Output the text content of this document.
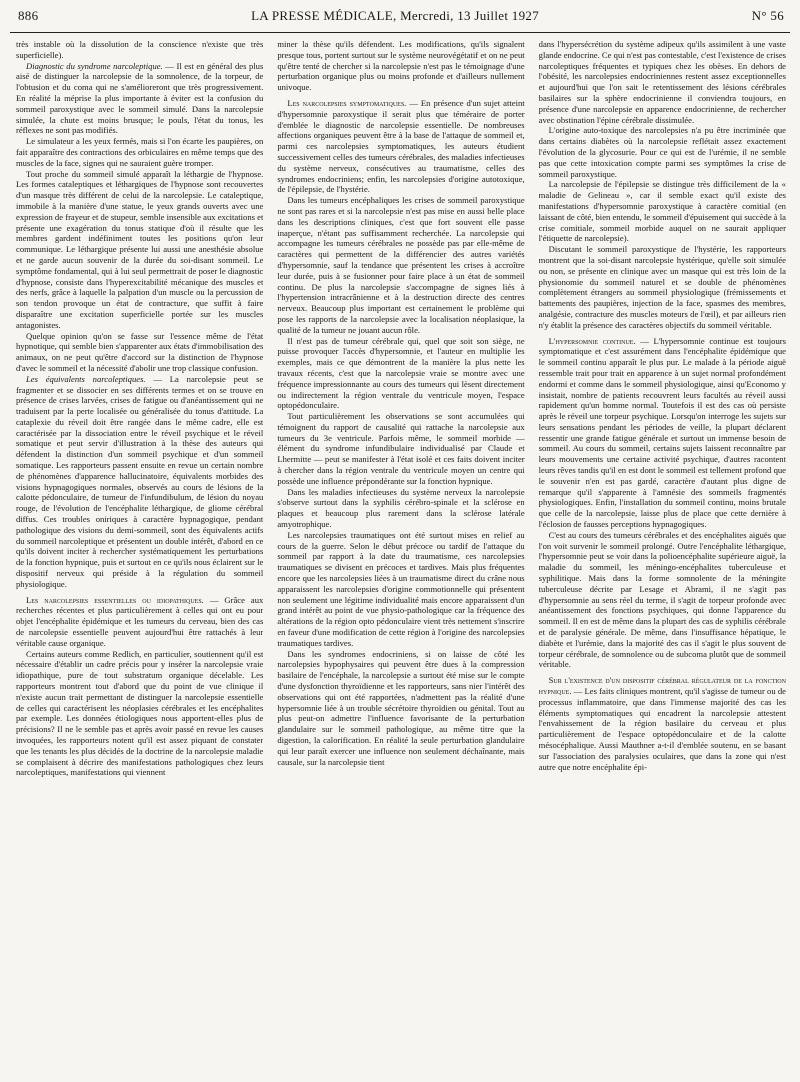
886	LA PRESSE MÉDICALE, Mercredi, 13 Juillet 1927	N° 56

très instable où la dissolution de la conscience n'existe que très superficielle).

Diagnostic du syndrome narcoleptique. — Il est en général des plus aisé de distinguer la narcolepsie de la somnolence, de la torpeur, de l'obtusion et du coma qui ne s'amélioreront que très progressivement. En réalité la méprise la plus importante à éviter est la confusion du sommeil paroxystique avec le sommeil simulé. Dans la narcolepsie simulée, la chute est moins brusque; le pouls, l'état du tonus, les réflexes ne sont pas modifiés.

Le simulateur a les yeux fermés, mais si l'on écarte les paupières, on fait apparaître des contractions des orbiculaires en même temps que des muscles de la face, signes qui ne sauraient guère tromper.

Tout proche du sommeil simulé apparaît la léthargie de l'hypnose. Les formes cataleptiques et léthargiques de l'hypnose sont recouvertes d'un masque très différent de celui de la narcolepsie. Le cataleptique, immobile à la manière d'une statue, le yeux grands ouverts avec une expression de frayeur et de stupeur, semble insensible aux excitations et présente une exagération du tonus statique d'où il résulte que les membres gardent indéfiniment toutes les positions qu'on leur communique. Le léthargique présente lui aussi une anesthésie absolue et ne garde aucun souvenir de la durée du soi-disant sommeil. Le symptôme fondamental, qui à lui seul permettrait de poser le diagnostic d'hypnose, consiste dans l'hyperexcitabilité mécanique des muscles et des nerfs, grâce à laquelle la palpation d'un muscle ou la percussion de son tendon provoque un état de contracture, que suffit à faire disparaître une excitation superficielle portée sur les muscles antagonistes.

Quelque opinion qu'on se fasse sur l'essence même de l'état hypnotique, qui semble bien s'apparenter aux états d'immobilisation des animaux, on ne peut qu'être d'accord sur la distinction de l'hypnose d'avec le sommeil et la nécessité d'abolir une trop classique confusion.

Les équivalents narcoleptiques. — La narcolepsie peut se fragmenter et se dissocier en ses différents termes et on se trouve en présence de crises larvées, crises de fatigue ou d'anéantissement qui ne traduisent par la perte localisée ou généralisée du tonus d'attitude. La cataplexie du réveil doit être rangée dans le même cadre, elle est caractérisée par la dissociation entre le réveil psychique et le réveil somatique et peut servir d'illustration à la thèse des auteurs qui défendent la distinction d'un sommeil psychique et d'un sommeil somatique. Les rapporteurs passent ensuite en revue un certain nombre de phénomènes d'apparence hallucinatoire, équivalents morbides des visions hypnagogiques normales, observés au cours de lésions de la calotte pédonculaire, de tumeur de l'infundibulum, de lésion du noyau rouge, de l'évolution de l'encéphalite léthargique, de gliome cérébral diffus. Ces troubles oniriques à caractère hypnagogique, pendant pathologique des visions du demi-sommeil, sont des équivalents actifs du sommeil narcoleptique et présentent un double intérêt, d'abord en ce qu'ils doivent inciter à rechercher systématiquement les perturbations de la fonction hypnique, puis et surtout en ce qu'ils nous éclairent sur le dispositif nerveux qui préside à la régulation du sommeil physiologique.

Les narcolepsies essentielles ou idiopathiques. — Grâce aux recherches récentes et plus particulièrement à celles qui ont eu pour objet l'encéphalite épidémique et les tumeurs du cerveau, bien des cas de narcolepsie essentielle peuvent aujourd'hui être rattachés à leur véritable cause organique.

Certains auteurs comme Redlich, en particulier, soutiennent qu'il est nécessaire d'établir un cadre précis pour y insérer la narcolepsie vraie idiopathique, pure de tout substratum organique décelable. Les rapporteurs montrent tout d'abord que du point de vue clinique il n'existe aucun trait permettant de distinguer la narcolepsie essentielle de celles qui caractérisent les néoplasies cérébrales et les encéphalites par exemple. Les données étiologiques nous apportent-elles plus de précisions? Il ne le semble pas et après avoir passé en revue les causes invoquées, les rapporteurs notent qu'il est assez piquant de constater que les tenants les plus décidés de la doctrine de la narcolepsie maladie se complaisent à décrire des manifestations pathologiques chez leurs narcoleptiques, manifestations qui viennent

miner la thèse qu'ils défendent. Les modifications, qu'ils signalent presque tous, portent surtout sur le système neurovégétatif et on ne peut qu'être tenté de chercher si la narcolepsie n'est pas le témoignage d'une perturbation organique plus ou moins profonde et d'ailleurs nullement univoque.

Les narcolepsies symptomatiques. — En présence d'un sujet atteint d'hypersomnie paroxystique il serait plus que téméraire de porter d'emblée le diagnostic de narcolepsie essentielle. De nombreuses affections organiques peuvent être à la base de l'attaque de sommeil et, parmi ces narcolepsies symptomatiques, les auteurs étudient successivement celles des tumeurs cérébrales, des maladies infectieuses du système nerveux, consécutives au traumatisme, celles des syndromes endocriniens; enfin, les narcolepsies d'origine autotoxique, de l'épilepsie, de l'hystérie.

Dans les tumeurs encéphaliques les crises de sommeil paroxystique ne sont pas rares et si la narcolepsie n'est pas mise en aussi belle place dans les descriptions cliniques, c'est que fort souvent elle passe inaperçue, n'étant pas suffisamment recherchée. La narcolepsie qui accompagne les tumeurs cérébrales ne possède pas par elle-même de caractères qui permettent de la différencier des autres variétés d'hypersomnie, sauf la tendance que présentent les crises à accroître leur durée, puis à se fusionner pour faire place à un état de sommeil continu. De plus la narcolepsie s'accompagne de signes liés à l'hypertension intracrânienne et à la destruction directe des centres nerveux. Beaucoup plus important est certainement le problème qui pose les rapports de la narcolepsie avec la localisation néoplasique, la qualité de la tumeur ne jouant aucun rôle.

Il n'est pas de tumeur cérébrale qui, quel que soit son siège, ne puisse provoquer l'accès d'hypersomnie, et l'auteur en multiplie les exemples, mais ce que démontrent de la manière la plus nette les travaux récents, c'est que la narcolepsie vraie se montre avec une fréquence impressionnante au cours des tumeurs qui lèsent directement ou indirectement la région ventrale du ventricule moyen, l'espace optopédonculaire.

Tout particulièrement les observations se sont accumulées qui témoignent du rapport de causalité qui rattache la narcolepsie aux tumeurs du 3e ventricule. Parfois même, le sommeil morbide — élément du syndrome infundibulaire individualisé par Claude et Lhermitte — peut se manifester à l'état isolé et ces faits doivent inciter à chercher dans la région ventrale du ventricule moyen un centre qui possède une influence prépondérante sur la fonction hypnique.

Dans les maladies infectieuses du système nerveux la narcolepsie s'observe surtout dans la syphilis cérébro-spinale et la sclérose en plaques et beaucoup plus rarement dans la sclérose latérale amyotrophique.

Les narcolepsies traumatiques ont été surtout mises en relief au cours de la guerre. Selon le début précoce ou tardif de l'attaque du sommeil par rapport à la date du traumatisme, ces narcolepsies traumatiques se divisent en précoces et tardives. Mais plus fréquentes encore que les narcolepsies liées à un traumatisme direct du crâne nous apparaissent les narcolepsies d'origine commotionnelle qui présentent non seulement une légitime individualité mais encore apparaissent d'un grand intérêt au point de vue physio-pathologique car la fréquence des altérations de la région opto pédonculaire vient très nettement s'inscrire en faveur d'une modification de cette région à l'origine des narcolepsies traumatiques tardives.

Dans les syndromes endocriniens, si on laisse de côté les narcolepsies hypophysaires qui peuvent être dues à la compression basilaire de l'encéphale, la narcolepsie a surtout été mise sur le compte d'une dysfonction thyroïdienne et les rapporteurs, sans nier l'intérêt des observations qui ont été rapportées, n'admettent pas la réalité d'une hypersomnie liée à un trouble sécrétoire thyroïdien ou génital. Tout au plus peut-on admettre l'influence favorisante de la perturbation glandulaire sur le sommeil pathologique, au même titre que la digestion, la calorification. En réalité la seule perturbation glandulaire qui leur paraît exercer une influence non seulement déchaînante, mais causale, sur la narcolepsie tient

dans l'hypersécrétion du système adipeux qu'ils assimilent à une vaste glande endocrine. Ce qui n'est pas contestable, c'est l'existence de crises narcoleptiques fréquentes et typiques chez les obèses. En dehors de l'obésité, les narcolepsies endocriniennes restent assez exceptionnelles et aujourd'hui que l'on sait le retentissement des lésions cérébrales basilaires sur la sphère endocrinienne il conviendra toujours, en présence d'une narcolepsie en apparence endocrinienne, de rechercher avec obstination l'épine cérébrale dissimulée.

L'origine auto-toxique des narcolepsies n'a pu être incriminée que dans certains diabètes où la narcolepsie reflétait assez exactement l'évolution de la glycosurie. Pour ce qui est de l'urémie, il ne semble pas que cette intoxication compte parmi ses symptômes la crise de sommeil paroxystique.

La narcolepsie de l'épilepsie se distingue très difficilement de la « maladie de Gelineau », car il semble exact qu'il existe des manifestations d'hypersomnie paroxystique à caractère comitial (en laissant de côté, bien entendu, le sommeil d'épuisement qui succède à la crise comitiale, sommeil morbide auquel on ne saurait appliquer l'étiquette de narcolepsie).

Discutant le sommeil paroxystique de l'hystérie, les rapporteurs montrent que la soi-disant narcolepsie hystérique, qu'elle soit simulée ou non, se présente en clinique avec un masque qui est très loin de la physionomie du sommeil naturel et se double de phénomènes complètement étrangers au sommeil physiologique (frémissements et battements des paupières, injection de la face, spasmes des membres, analgésie, contracture des muscles moteurs de l'œil), et par ailleurs rien n'y établit la présence des caractères objectifs du sommeil véritable.

L'hypersomnie continue. — L'hypersomnie continue est toujours symptomatique et c'est assurément dans l'encéphalite épidémique que le sommeil continu apparaît le plus pur. Le malade à la période aiguë ressemble trait pour trait en apparence à un sujet normal profondément endormi et comme dans le sommeil physiologique, ainsi qu'Economo y insistait, nombre de patients recouvrent leurs facultés au réveil aussi rapidement qu'un homme normal. Toutefois il est des cas où persiste après le réveil une torpeur psychique. Lorsqu'on interroge les sujets sur leurs sensations pendant les périodes de veille, la plupart déclarent ressentir une grande fatigue générale et surtout un immense besoin de sommeil. Au cours du sommeil, certains sujets laissent reconnaître par leurs mouvements une certaine activité psychique, d'autres racontent leurs rêves tandis qu'il en est dont le sommeil est tellement profond que le souvenir n'en est pas gardé, caractère d'autant plus digne de remarque qu'il s'apparente à l'amnésie des sommeils fragmentés physiologiques. Enfin, l'installation du sommeil continu, moins brutale que celle de la narcolepsie, laisse plus de place que cette dernière à l'éclosion de fausses perceptions hypnagogiques.

C'est au cours des tumeurs cérébrales et des encéphalites aiguës que l'on voit survenir le sommeil prolongé. Outre l'encéphalite léthargique, l'hypersomnie peut se voir dans la polioencéphalite supérieure aiguë, la maladie du sommeil, les méningo-encéphalites tuberculeuse et syphilitique. Mais dans la forme somnolente de la méningite tuberculeuse décrite par Lesage et Abrami, il ne s'agit pas d'hypersomnie au sens réel du terme, il s'agit de torpeur profonde avec anéantissement des fonctions psychiques, qui donne l'apparence du sommeil. Il en est de même dans la plupart des cas de syphilis cérébrale et de paralysie générale. De même, dans l'insuffisance hépatique, le diabète et l'urémie, dans la majorité des cas il s'agit le plus souvent de torpeur cérébrale, de somnolence ou de subcoma plutôt que de sommeil véritable.

Sur l'existence d'un dispositif cérébral régulateur de la fonction hypnique. — Les faits cliniques montrent, qu'il s'agisse de tumeur ou de processus inflammatoire, que dans l'immense majorité des cas les éléments symptomatiques qui encadrent la narcolepsie attestent l'envahissement de la région basilaire du cerveau et plus particulièrement de l'espace optopédonculaire et de la calotte mésocéphalique. Aussi Mauthner a-t-il d'emblée soutenu, en se basant sur l'association des paralysies oculaires, que dans la zone qui n'est autre que notre encéphalite épi-
